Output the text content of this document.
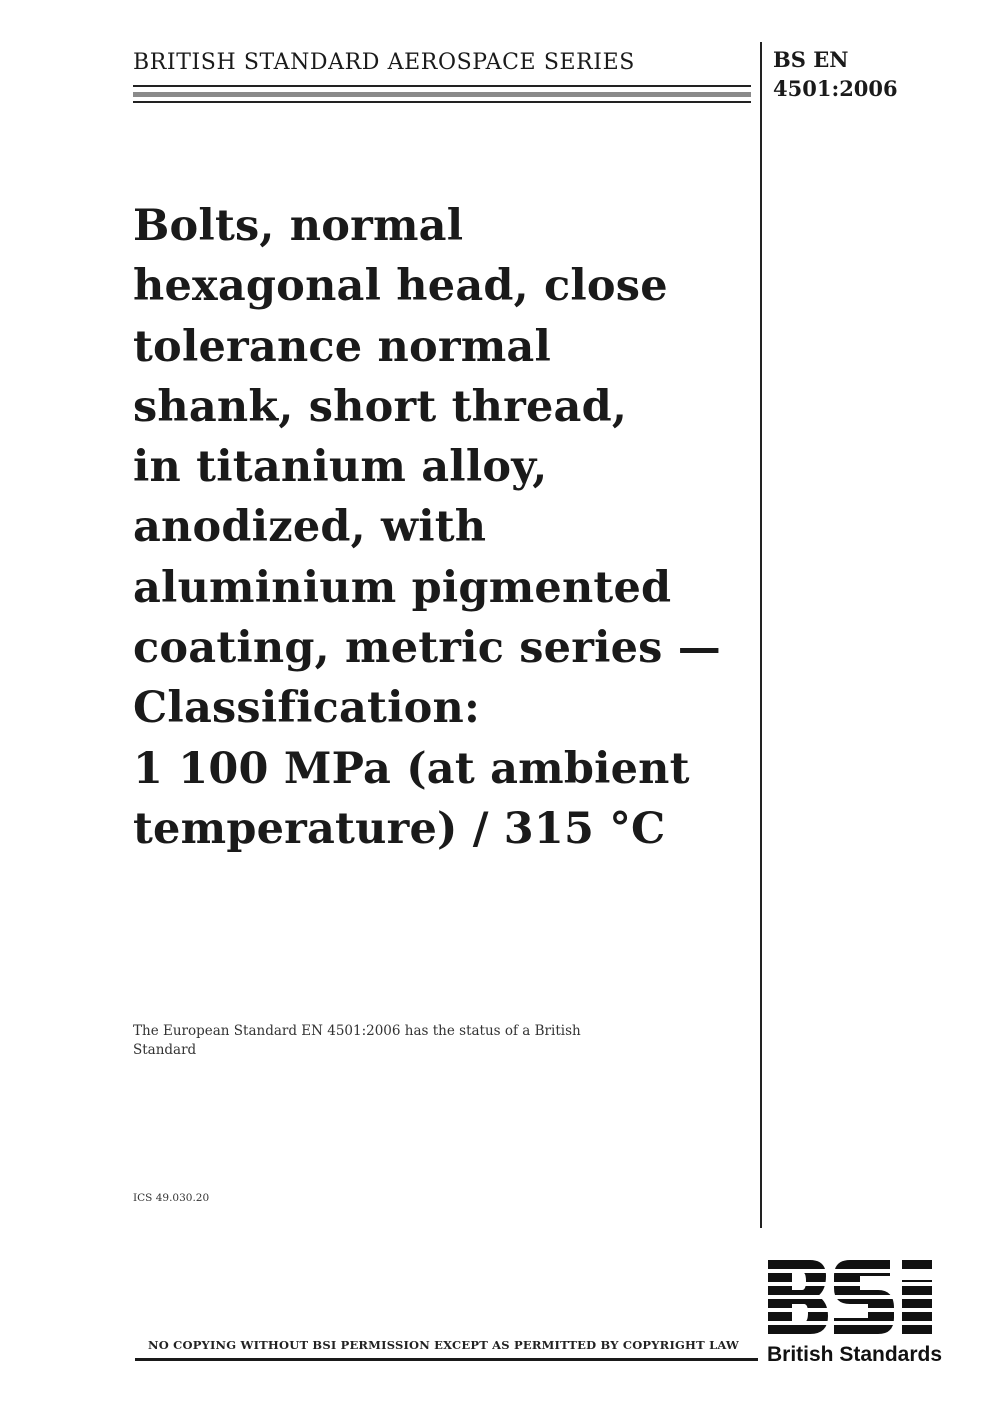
BRITISH STANDARD AEROSPACE SERIES	BS EN
4501:2006
Bolts, normal
hexagonal head, close
tolerance normal
shank, short thread,
in titanium alloy,
anodized, with
aluminium pigmented
coating, metric series —
Classification:
1 100 MPa (at ambient
temperature) / 315 °C
The European Standard EN 4501:2006 has the status of a British Standard
ICS 49.030.20
NO COPYING WITHOUT BSI PERMISSION EXCEPT AS PERMITTED BY COPYRIGHT LAW British Standards
